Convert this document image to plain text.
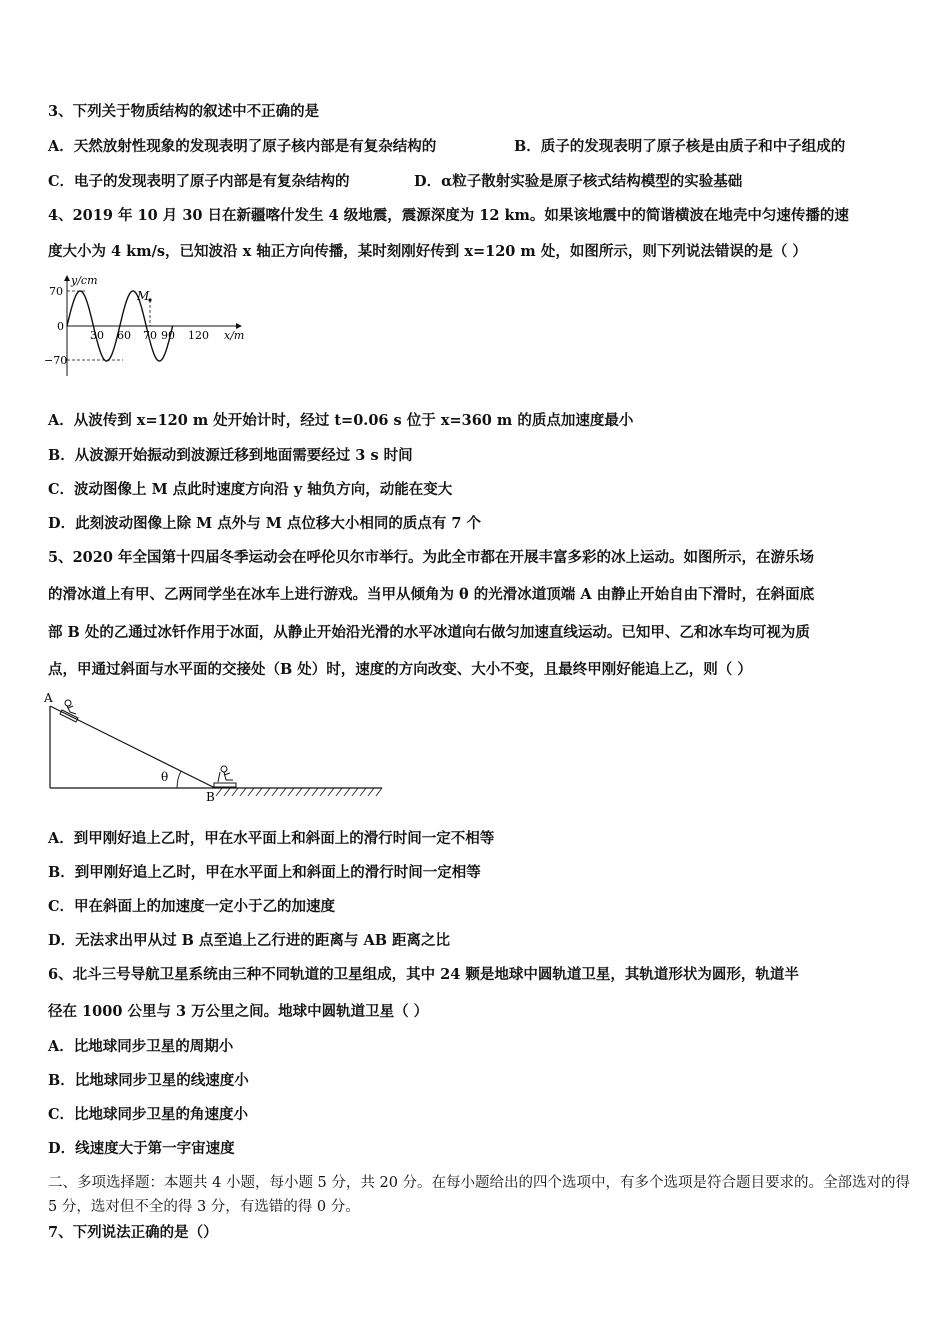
3、下列关于物质结构的叙述中不正确的是
A．天然放射性现象的发现表明了原子核内部是有复杂结构的	B．质子的发现表明了原子核是由质子和中子组成的
C．电子的发现表明了原子内部是有复杂结构的	D．α粒子散射实验是原子核式结构模型的实验基础
4、2019 年 10 月 30 日在新疆喀什发生 4 级地震，震源深度为 12 km。如果该地震中的简谐横波在地壳中匀速传播的速
度大小为 4 km/s，已知波沿 x 轴正方向传播，某时刻刚好传到 x=120 m 处，如图所示，则下列说法错误的是（ ）
y/cm
70
0
−70
30 60 70 90 120 x/m
M
A．从波传到 x=120 m 处开始计时，经过 t=0.06 s 位于 x=360 m 的质点加速度最小
B．从波源开始振动到波源迁移到地面需要经过 3 s 时间
C．波动图像上 M 点此时速度方向沿 y 轴负方向，动能在变大
D．此刻波动图像上除 M 点外与 M 点位移大小相同的质点有 7 个
5、2020 年全国第十四届冬季运动会在呼伦贝尔市举行。为此全市都在开展丰富多彩的冰上运动。如图所示，在游乐场
的滑冰道上有甲、乙两同学坐在冰车上进行游戏。当甲从倾角为 θ 的光滑冰道顶端 A 由静止开始自由下滑时，在斜面底
部 B 处的乙通过冰钎作用于冰面，从静止开始沿光滑的水平冰道向右做匀加速直线运动。已知甲、乙和冰车均可视为质
点，甲通过斜面与水平面的交接处（B 处）时，速度的方向改变、大小不变，且最终甲刚好能追上乙，则（ ）
θ
A
B
A．到甲刚好追上乙时，甲在水平面上和斜面上的滑行时间一定不相等
B．到甲刚好追上乙时，甲在水平面上和斜面上的滑行时间一定相等
C．甲在斜面上的加速度一定小于乙的加速度
D．无法求出甲从过 B 点至追上乙行进的距离与 AB 距离之比
6、北斗三号导航卫星系统由三种不同轨道的卫星组成，其中 24 颗是地球中圆轨道卫星，其轨道形状为圆形，轨道半
径在 1000 公里与 3 万公里之间。地球中圆轨道卫星（ ）
A．比地球同步卫星的周期小
B．比地球同步卫星的线速度小
C．比地球同步卫星的角速度小
D．线速度大于第一宇宙速度
二、多项选择题：本题共 4 小题，每小题 5 分，共 20 分。在每小题给出的四个选项中，有多个选项是符合题目要求的。全部选对的得 5 分，选对但不全的得 3 分，有选错的得 0 分。
7、下列说法正确的是（）
